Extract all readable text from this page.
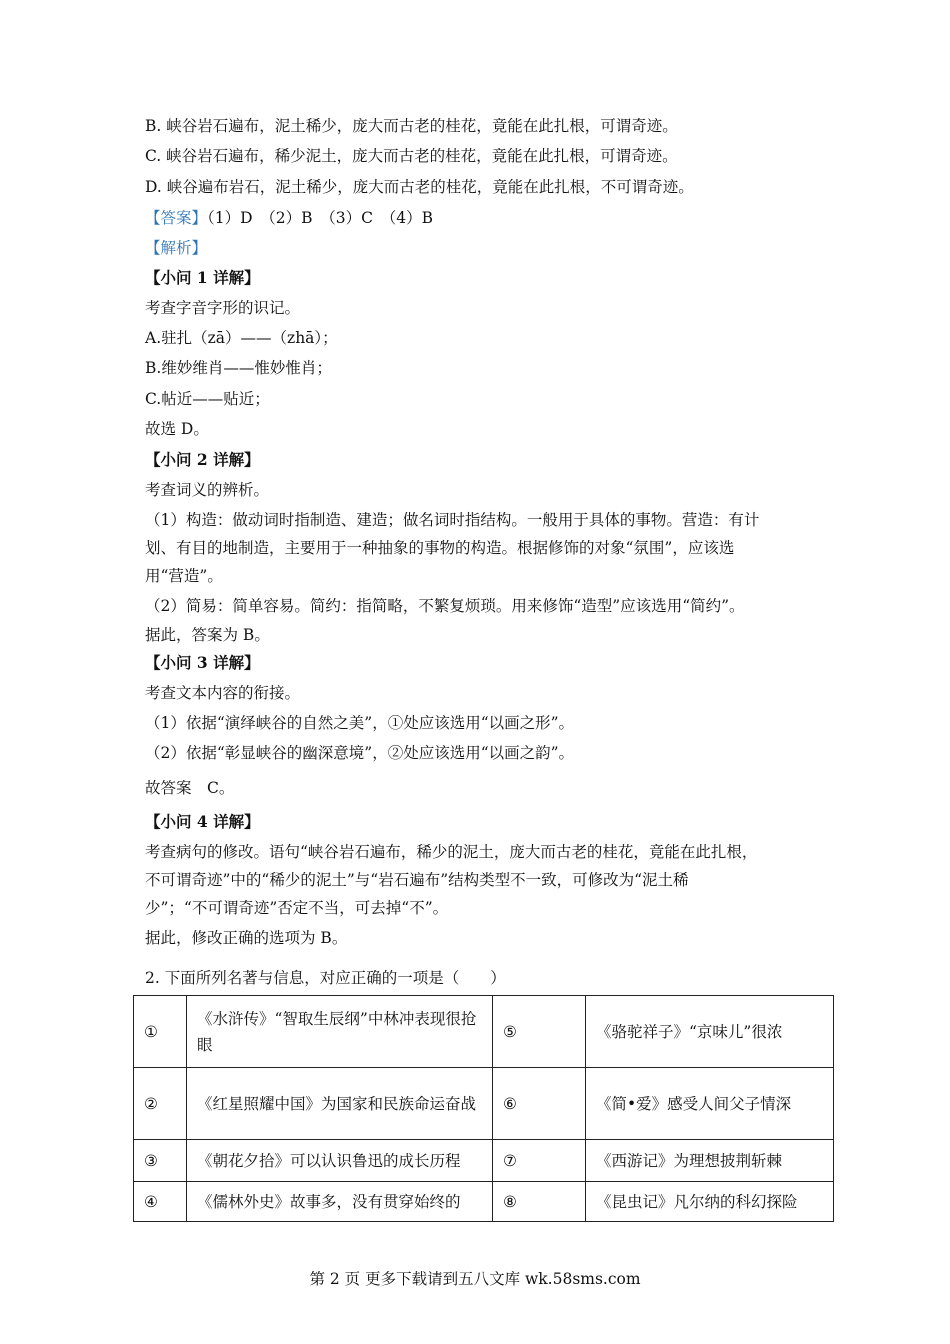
B. 峡谷岩石遍布，泥土稀少，庞大而古老的桂花，竟能在此扎根，可谓奇迹。
C. 峡谷岩石遍布，稀少泥土，庞大而古老的桂花，竟能在此扎根，可谓奇迹。
D. 峡谷遍布岩石，泥土稀少，庞大而古老的桂花，竟能在此扎根，不可谓奇迹。
【答案】（1）D　（2）B　（3）C　（4）B
【解析】
【小问 1 详解】
考查字音字形的识记。
A.驻扎（zā）——（zhā）；
B.维妙维肖——惟妙惟肖；
C.帖近——贴近；
故选 D。
【小问 2 详解】
考查词义的辨析。
（1）构造：做动词时指制造、建造；做名词时指结构。一般用于具体的事物。营造：有计
划、有目的地制造，主要用于一种抽象的事物的构造。根据修饰的对象“氛围”，应该选
用“营造”。
（2）简易：简单容易。简约：指简略，不繁复烦琐。用来修饰“造型”应该选用“简约”。
据此，答案为 B。
【小问 3 详解】
考查文本内容的衔接。
（1）依据“演绎峡谷的自然之美”，①处应该选用“以画之形”。
（2）依据“彰显峡谷的幽深意境”，②处应该选用“以画之韵”。
故答案　C。
【小问 4 详解】
考查病句的修改。语句“峡谷岩石遍布，稀少的泥土，庞大而古老的桂花，竟能在此扎根，
不可谓奇迹”中的“稀少的泥土”与“岩石遍布”结构类型不一致，可修改为“泥土稀
少”；“不可谓奇迹”否定不当，可去掉“不”。
据此，修改正确的选项为 B。
2. 下面所列名著与信息，对应正确的一项是（　　）
①	《水浒传》“智取生辰纲”中林冲表现很抢眼	⑤	《骆驼祥子》“京味儿”很浓
②	《红星照耀中国》为国家和民族命运奋战	⑥	《简•爱》感受人间父子情深
③	《朝花夕拾》可以认识鲁迅的成长历程	⑦	《西游记》为理想披荆斩棘
④	《儒林外史》故事多，没有贯穿始终的	⑧	《昆虫记》凡尔纳的科幻探险
第 2 页 更多下载请到五八文库 wk.58sms.com
